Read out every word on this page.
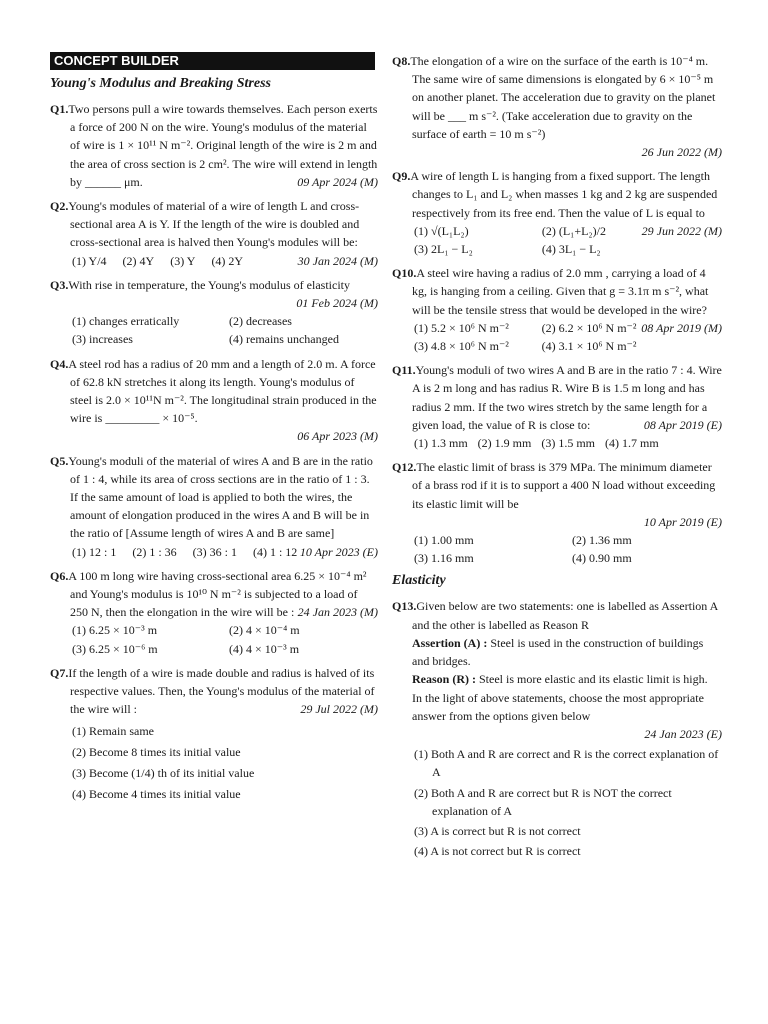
CONCEPT BUILDER
Young's Modulus and Breaking Stress
Q1.Two persons pull a wire towards themselves. Each person exerts a force of 200 N on the wire. Young's modulus of the material of wire is 1 × 10¹¹ N m⁻². Original length of the wire is 2 m and the area of cross section is 2 cm². The wire will extend in length by ______ μm.	09 Apr 2024 (M)
Q2.Young's modules of material of a wire of length L and cross-sectional area A is Y. If the length of the wire is doubled and cross-sectional area is halved then Young's modules will be:
30 Jan 2024 (M)
(1) Y/4 (2) 4Y (3) Y (4) 2Y
Q3.With rise in temperature, the Young's modulus of elasticity
01 Feb 2024 (M)
(1) changes erratically	(2) decreases
(3) increases	(4) remains unchanged
Q4.A steel rod has a radius of 20 mm and a length of 2.0 m. A force of 62.8 kN stretches it along its length. Young's modulus of steel is 2.0 × 10¹¹N m⁻². The longitudinal strain produced in the wire is _________ × 10⁻⁵.
06 Apr 2023 (M)
Q5.Young's moduli of the material of wires A and B are in the ratio of 1 : 4, while its area of cross sections are in the ratio of 1 : 3. If the same amount of load is applied to both the wires, the amount of elongation produced in the wires A and B will be in the ratio of [Assume length of wires A and B are same]
10 Apr 2023 (E)
(1) 12 : 1 (2) 1 : 36 (3) 36 : 1 (4) 1 : 12
Q6.A 100 m long wire having cross-sectional area 6.25 × 10⁻⁴ m² and Young's modulus is 10¹⁰ N m⁻² is subjected to a load of 250 N, then the elongation in the wire will be : 24 Jan 2023 (M)
(1) 6.25 × 10⁻³ m	(2) 4 × 10⁻⁴ m
(3) 6.25 × 10⁻⁶ m	(4) 4 × 10⁻³ m
Q7.If the length of a wire is made double and radius is halved of its respective values. Then, the Young's modulus of the material of the wire will :	29 Jul 2022 (M)
(1) Remain same
(2) Become 8 times its initial value
(3) Become (1/4) th of its initial value
(4) Become 4 times its initial value
Q8.The elongation of a wire on the surface of the earth is 10⁻⁴ m. The same wire of same dimensions is elongated by 6 × 10⁻⁵ m on another planet. The acceleration due to gravity on the planet will be ___ m s⁻². (Take acceleration due to gravity on the surface of earth = 10 m s⁻²)
26 Jun 2022 (M)
Q9.A wire of length L is hanging from a fixed support. The length changes to L₁ and L₂ when masses 1 kg and 2 kg are suspended respectively from its free end. Then the value of L is equal to
29 Jun 2022 (M)
(1) √(L₁L₂)	(2) (L₁+L₂)/2
(3) 2L₁ − L₂	(4) 3L₁ − L₂
Q10.A steel wire having a radius of 2.0 mm , carrying a load of 4 kg, is hanging from a ceiling. Given that g = 3.1π m s⁻², what will be the tensile stress that would be developed in the wire?
08 Apr 2019 (M)
(1) 5.2 × 10⁶ N m⁻²	(2) 6.2 × 10⁶ N m⁻²
(3) 4.8 × 10⁶ N m⁻²	(4) 3.1 × 10⁶ N m⁻²
Q11.Young's moduli of two wires A and B are in the ratio 7 : 4. Wire A is 2 m long and has radius R. Wire B is 1.5 m long and has radius 2 mm. If the two wires stretch by the same length for a given load, the value of R is close to:	08 Apr 2019 (E)
(1) 1.3 mm (2) 1.9 mm (3) 1.5 mm (4) 1.7 mm
Q12.The elastic limit of brass is 379 MPa. The minimum diameter of a brass rod if it is to support a 400 N load without exceeding its elastic limit will be
10 Apr 2019 (E)
(1) 1.00 mm	(2) 1.36 mm
(3) 1.16 mm	(4) 0.90 mm
Elasticity
Q13.Given below are two statements: one is labelled as Assertion A and the other is labelled as Reason R
Assertion (A) : Steel is used in the construction of buildings and bridges.
Reason (R) : Steel is more elastic and its elastic limit is high.
In the light of above statements, choose the most appropriate answer from the options given below
24 Jan 2023 (E)
(1) Both A and R are correct and R is the correct explanation of A
(2) Both A and R are correct but R is NOT the correct explanation of A
(3) A is correct but R is not correct
(4) A is not correct but R is correct
